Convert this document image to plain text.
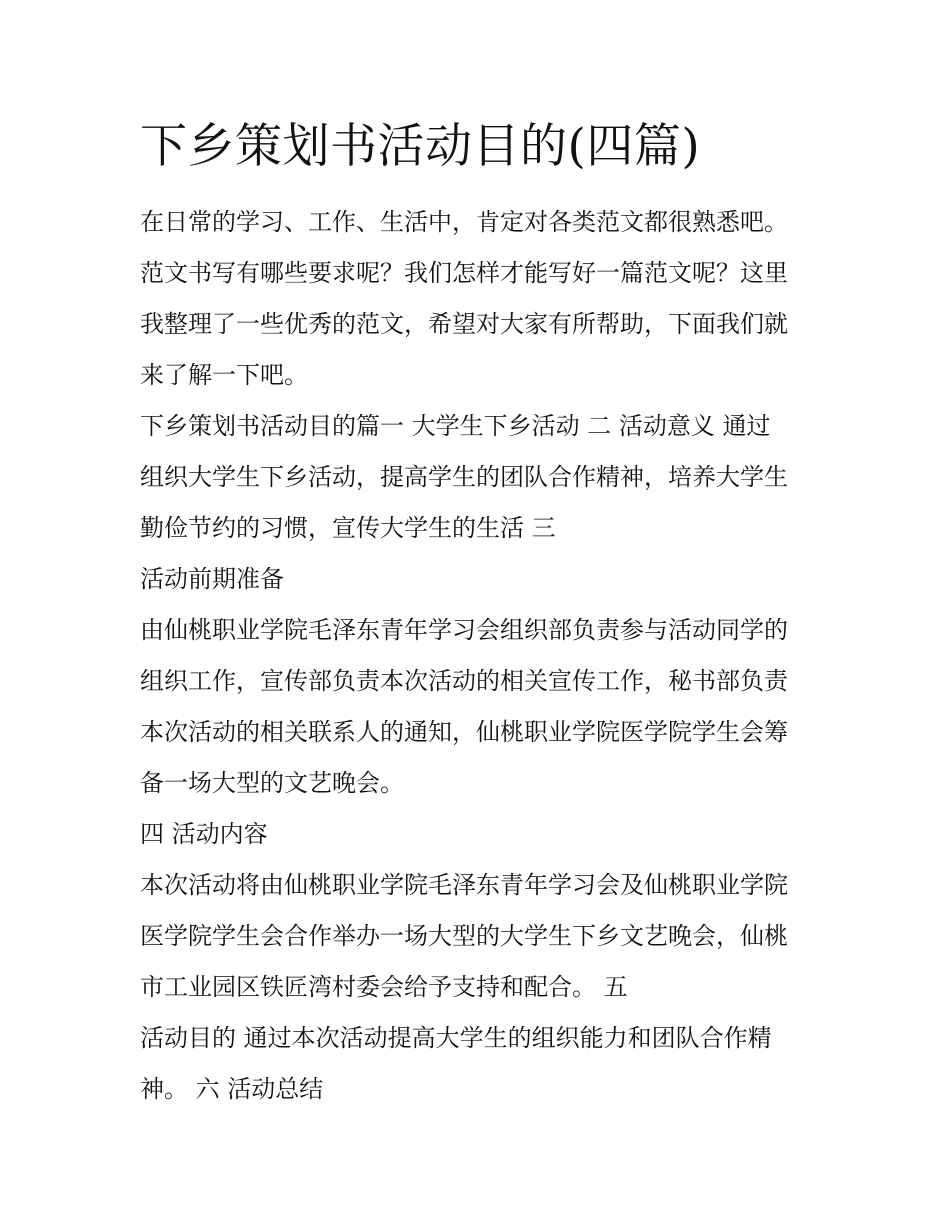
下乡策划书活动目的(四篇)

在日常的学习、工作、生活中，肯定对各类范文都很熟悉吧。

范文书写有哪些要求呢？我们怎样才能写好一篇范文呢？这里

我整理了一些优秀的范文，希望对大家有所帮助，下面我们就

来了解一下吧。

下乡策划书活动目的篇一 大学生下乡活动 二 活动意义 通过

组织大学生下乡活动，提高学生的团队合作精神，培养大学生

勤俭节约的习惯，宣传大学生的生活 三

活动前期准备

由仙桃职业学院毛泽东青年学习会组织部负责参与活动同学的

组织工作，宣传部负责本次活动的相关宣传工作，秘书部负责

本次活动的相关联系人的通知，仙桃职业学院医学院学生会筹

备一场大型的文艺晚会。

四 活动内容

本次活动将由仙桃职业学院毛泽东青年学习会及仙桃职业学院

医学院学生会合作举办一场大型的大学生下乡文艺晚会，仙桃

市工业园区铁匠湾村委会给予支持和配合。 五

活动目的 通过本次活动提高大学生的组织能力和团队合作精

神。 六 活动总结
